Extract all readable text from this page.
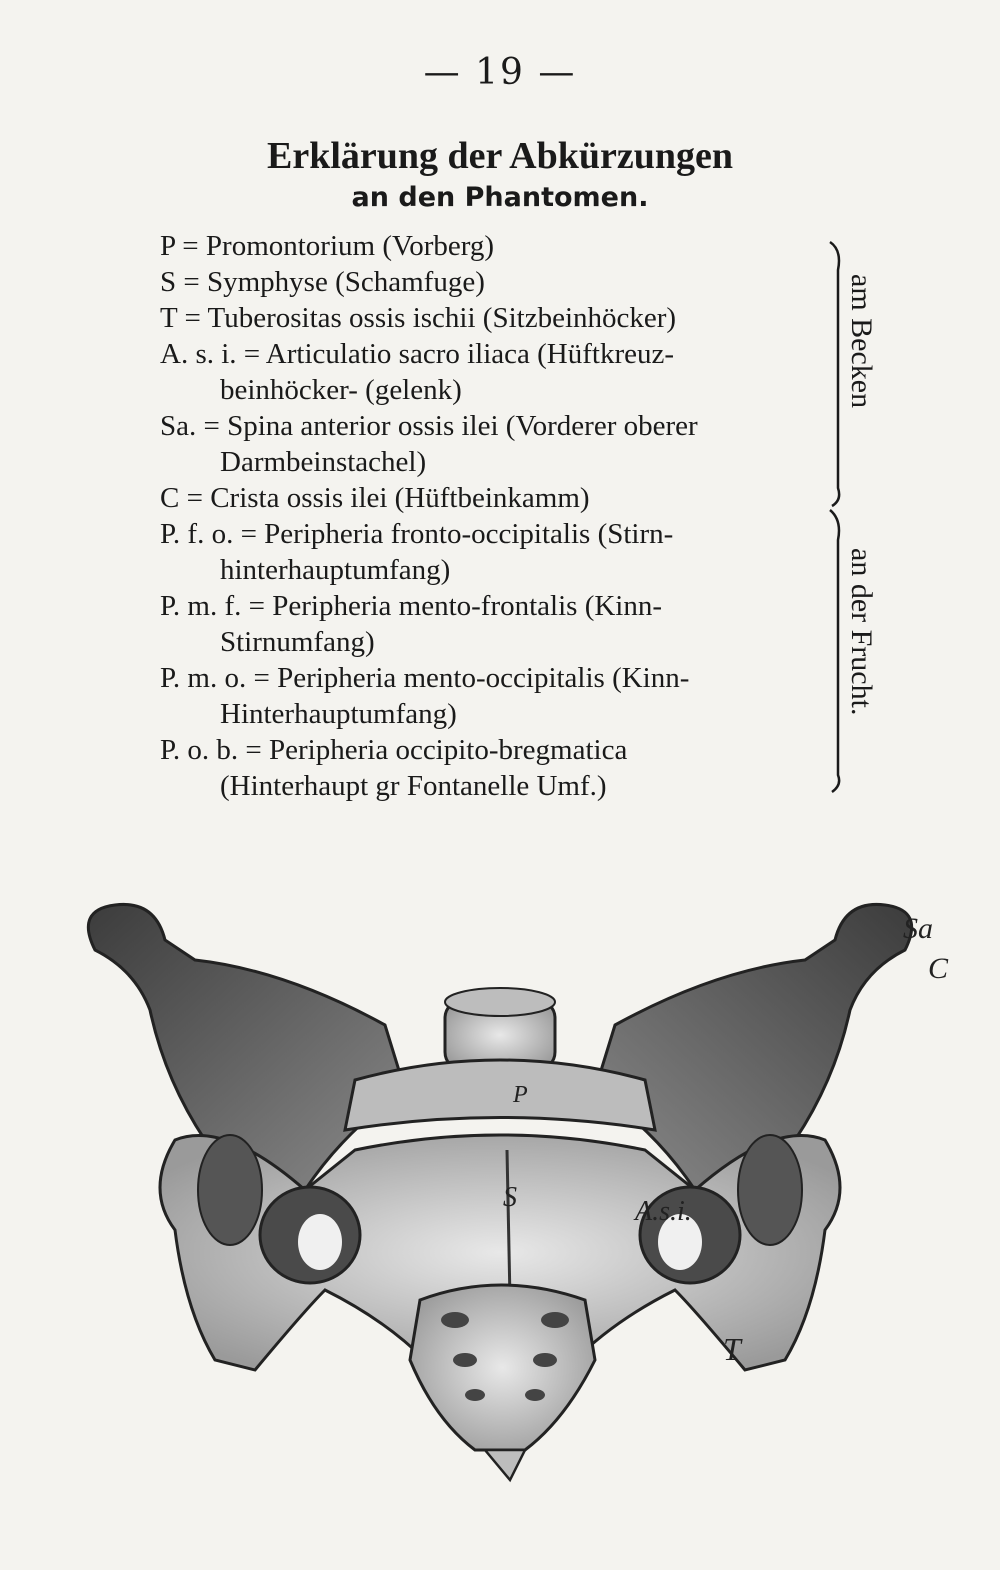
— 19 —
Erklärung der Abkürzungen
an den Phantomen.
P = Promontorium (Vorberg)
S = Symphyse (Schamfuge)
T = Tuberositas ossis ischii (Sitzbeinhöcker)
A. s. i. = Articulatio sacro iliaca (Hüftkreuz-
beinhöcker- (gelenk)
Sa. = Spina anterior ossis ilei (Vorderer oberer
Darmbeinstachel)
C = Crista ossis ilei (Hüftbeinkamm)
P. f. o. = Peripheria fronto-occipitalis (Stirn-
hinterhauptumfang)
P. m. f. = Peripheria mento-frontalis (Kinn-
Stirnumfang)
P. m. o. = Peripheria mento-occipitalis (Kinn-
Hinterhauptumfang)
P. o. b. = Peripheria occipito-bregmatica
(Hinterhaupt gr Fontanelle Umf.)
am Becken
an der Frucht.
Sa
C
P
S	A.s.i.
T
